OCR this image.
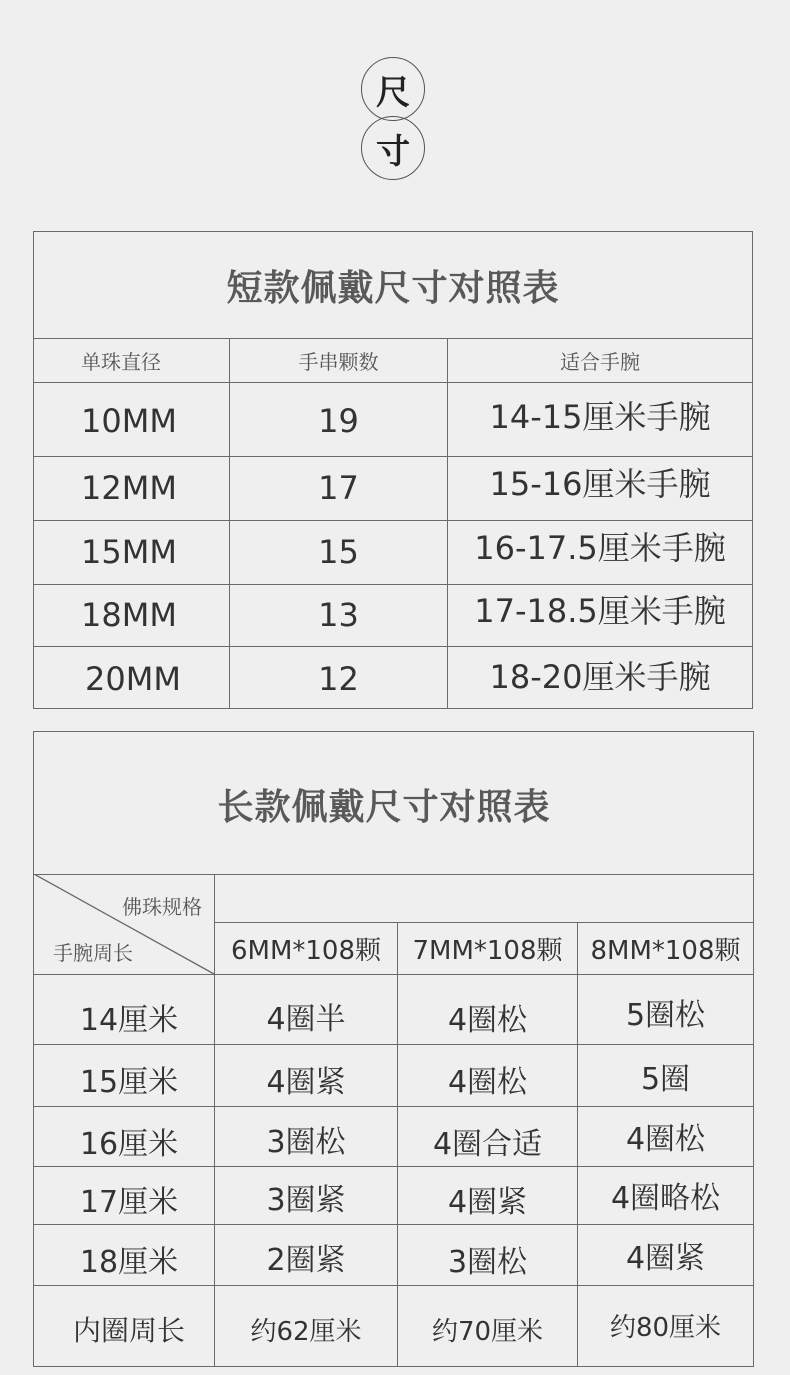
尺
寸
短款佩戴尺寸对照表
单珠直径	手串颗数	适合手腕
10MM	19	14-15厘米手腕
12MM	17	15-16厘米手腕
15MM	15	16-17.5厘米手腕
18MM	13	17-18.5厘米手腕
20MM	12	18-20厘米手腕
长款佩戴尺寸对照表
佛珠规格
手腕周长	6MM*108颗	7MM*108颗	8MM*108颗
14厘米	4圈半	4圈松	5圈松
15厘米	4圈紧	4圈松	5圈
16厘米	3圈松	4圈合适	4圈松
17厘米	3圈紧	4圈紧	4圈略松
18厘米	2圈紧	3圈松	4圈紧
内圈周长	约62厘米	约70厘米	约80厘米
